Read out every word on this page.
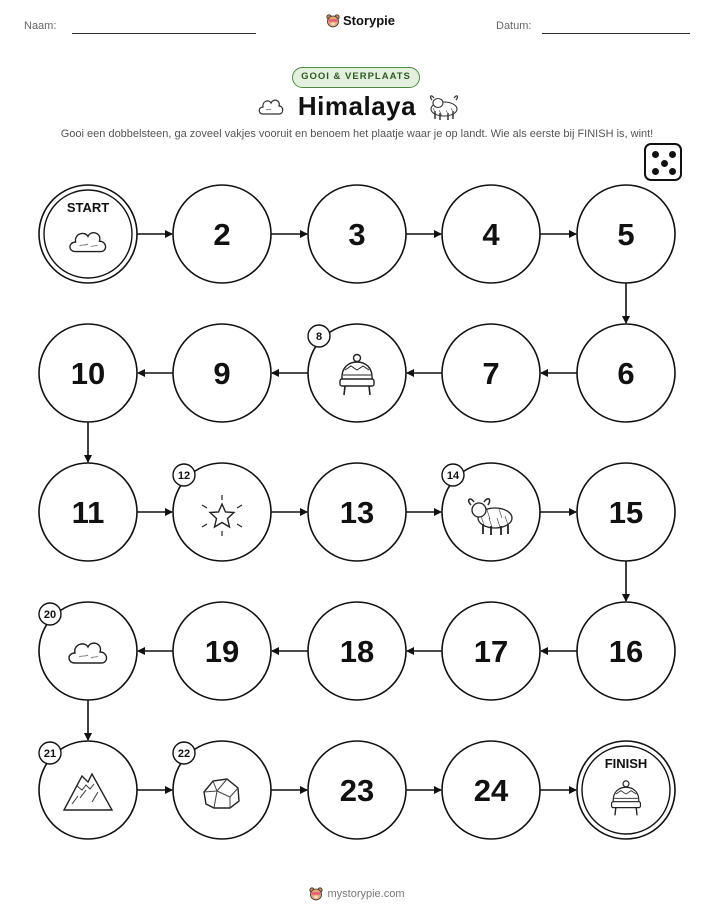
Naam:	Storypie	Datum:
GOOI & VERPLAATS
Himalaya
Gooi een dobbelsteen, ga zoveel vakjes vooruit en benoem het plaatje waar je op landt. Wie als eerste bij FINISH is, wint!
START
2	3	4	5
6
7
8
9
10
11
12
13
14
15
16
17
18
19
20
21	22
23	24
FINISH
mystorypie.com
